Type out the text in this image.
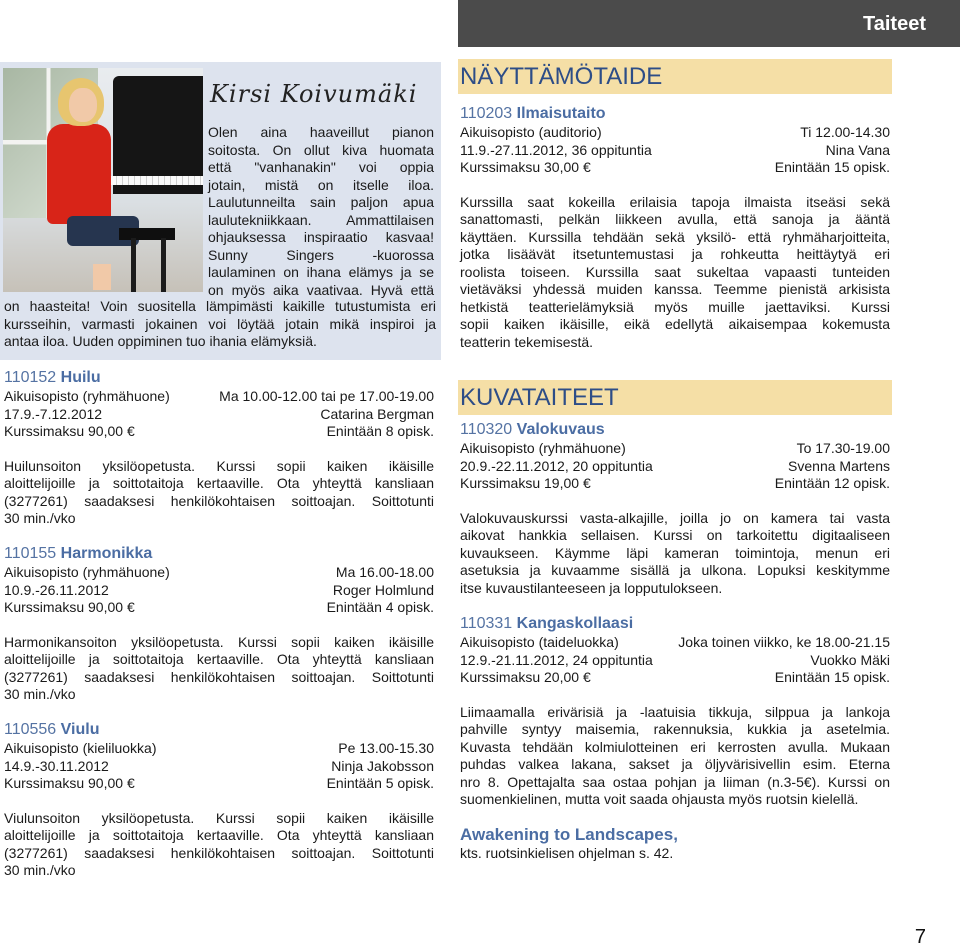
Taiteet
Kirsi Koivumäki
Olen aina haaveillut pianon
soitosta. On ollut kiva huomata
että "vanhanakin" voi oppia
jotain, mistä on itselle iloa.
Laulutunneilta sain paljon apua
laulutekniikkaan. Ammattilaisen
ohjauksessa inspiraatio kasvaa!
Sunny Singers -kuorossa
laulaminen on ihana elämys ja se
on myös aika vaativaa. Hyvä että
on haasteita! Voin suositella lämpimästi kaikille tutustumista eri
kursseihin, varmasti jokainen voi löytää jotain mikä inspiroi ja
antaa iloa. Uuden oppiminen tuo ihania elämyksiä.
110152 Huilu
Aikuisopisto (ryhmähuone)	Ma 10.00-12.00 tai pe 17.00-19.00
17.9.-7.12.2012	Catarina Bergman
Kurssimaksu 90,00 €	Enintään 8 opisk.
Huilunsoiton yksilöopetusta. Kurssi sopii kaiken ikäisille
aloittelijoille ja soittotaitoja kertaaville. Ota yhteyttä kansliaan
(3277261) saadaksesi henkilökohtaisen soittoajan. Soittotunti
30 min./vko
110155 Harmonikka
Aikuisopisto (ryhmähuone)	Ma 16.00-18.00
10.9.-26.11.2012	Roger Holmlund
Kurssimaksu 90,00 €	Enintään 4 opisk.
Harmonikansoiton yksilöopetusta. Kurssi sopii kaiken ikäisille
aloittelijoille ja soittotaitoja kertaaville. Ota yhteyttä kansliaan
(3277261) saadaksesi henkilökohtaisen soittoajan. Soittotunti
30 min./vko
110556 Viulu
Aikuisopisto (kieliluokka)	Pe 13.00-15.30
14.9.-30.11.2012	Ninja Jakobsson
Kurssimaksu 90,00 €	Enintään 5 opisk.
Viulunsoiton yksilöopetusta. Kurssi sopii kaiken ikäisille
aloittelijoille ja soittotaitoja kertaaville. Ota yhteyttä kansliaan
(3277261) saadaksesi henkilökohtaisen soittoajan. Soittotunti
30 min./vko
NÄYTTÄMÖTAIDE
110203 Ilmaisutaito
Aikuisopisto (auditorio)	Ti 12.00-14.30
11.9.-27.11.2012, 36 oppituntia	Nina Vana
Kurssimaksu 30,00 €	Enintään 15 opisk.
Kurssilla saat kokeilla erilaisia tapoja ilmaista itseäsi sekä
sanattomasti, pelkän liikkeen avulla, että sanoja ja ääntä
käyttäen. Kurssilla tehdään sekä yksilö- että ryhmäharjoitteita,
jotka lisäävät itsetuntemustasi ja rohkeutta heittäytyä eri
roolista toiseen. Kurssilla saat sukeltaa vapaasti tunteiden
vietäväksi yhdessä muiden kanssa. Teemme pienistä arkisista
hetkistä teatterielämyksiä myös muille jaettaviksi. Kurssi
sopii kaiken ikäisille, eikä edellytä aikaisempaa kokemusta
teatterin tekemisestä.
KUVATAITEET
110320 Valokuvaus
Aikuisopisto (ryhmähuone)	To 17.30-19.00
20.9.-22.11.2012, 20 oppituntia	Svenna Martens
Kurssimaksu 19,00 €	Enintään 12 opisk.
Valokuvauskurssi vasta-alkajille, joilla jo on kamera tai vasta
aikovat hankkia sellaisen. Kurssi on tarkoitettu digitaaliseen
kuvaukseen. Käymme läpi kameran toimintoja, menun eri
asetuksia ja kuvaamme sisällä ja ulkona. Lopuksi keskitymme
itse kuvaustilanteeseen ja lopputulokseen.
110331 Kangaskollaasi
Aikuisopisto (taideluokka)	Joka toinen viikko, ke 18.00-21.15
12.9.-21.11.2012, 24 oppituntia	Vuokko Mäki
Kurssimaksu 20,00 €	Enintään 15 opisk.
Liimaamalla erivärisiä ja -laatuisia tikkuja, silppua ja lankoja
pahville syntyy maisemia, rakennuksia, kukkia ja asetelmia.
Kuvasta tehdään kolmiulotteinen eri kerrosten avulla. Mukaan
puhdas valkea lakana, sakset ja öljyvärisivellin esim. Eterna
nro 8. Opettajalta saa ostaa pohjan ja liiman (n.3-5€). Kurssi on
suomenkielinen, mutta voit saada ohjausta myös ruotsin kielellä.
Awakening to Landscapes,
kts. ruotsinkielisen ohjelman s. 42.
7
